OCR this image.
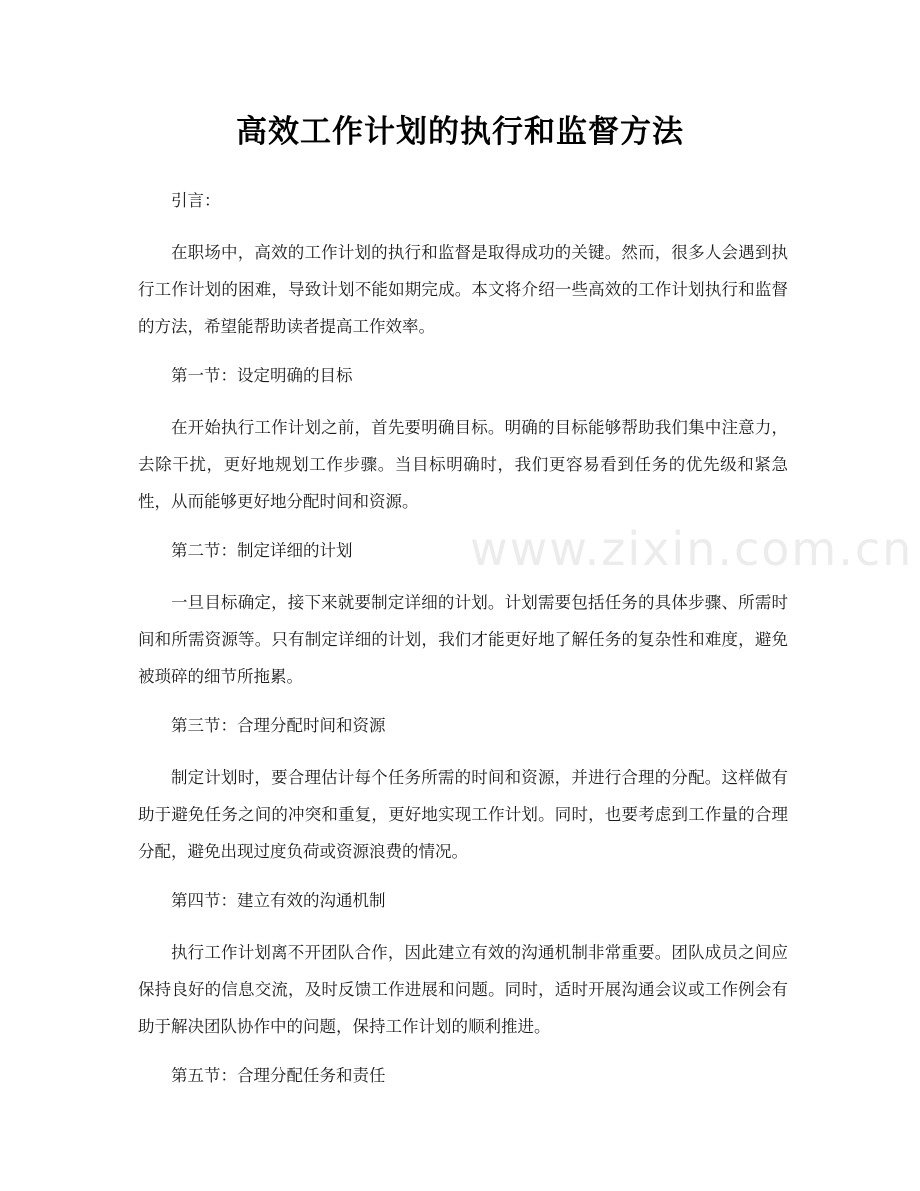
高效工作计划的执行和监督方法
www.zixin.com.cn

引言：

在职场中，高效的工作计划的执行和监督是取得成功的关键。然而，很多人会遇到执行工作计划的困难，导致计划不能如期完成。本文将介绍一些高效的工作计划执行和监督的方法，希望能帮助读者提高工作效率。

第一节：设定明确的目标

在开始执行工作计划之前，首先要明确目标。明确的目标能够帮助我们集中注意力，去除干扰，更好地规划工作步骤。当目标明确时，我们更容易看到任务的优先级和紧急性，从而能够更好地分配时间和资源。

第二节：制定详细的计划

一旦目标确定，接下来就要制定详细的计划。计划需要包括任务的具体步骤、所需时间和所需资源等。只有制定详细的计划，我们才能更好地了解任务的复杂性和难度，避免被琐碎的细节所拖累。

第三节：合理分配时间和资源

制定计划时，要合理估计每个任务所需的时间和资源，并进行合理的分配。这样做有助于避免任务之间的冲突和重复，更好地实现工作计划。同时，也要考虑到工作量的合理分配，避免出现过度负荷或资源浪费的情况。

第四节：建立有效的沟通机制

执行工作计划离不开团队合作，因此建立有效的沟通机制非常重要。团队成员之间应保持良好的信息交流，及时反馈工作进展和问题。同时，适时开展沟通会议或工作例会有助于解决团队协作中的问题，保持工作计划的顺利推进。

第五节：合理分配任务和责任
